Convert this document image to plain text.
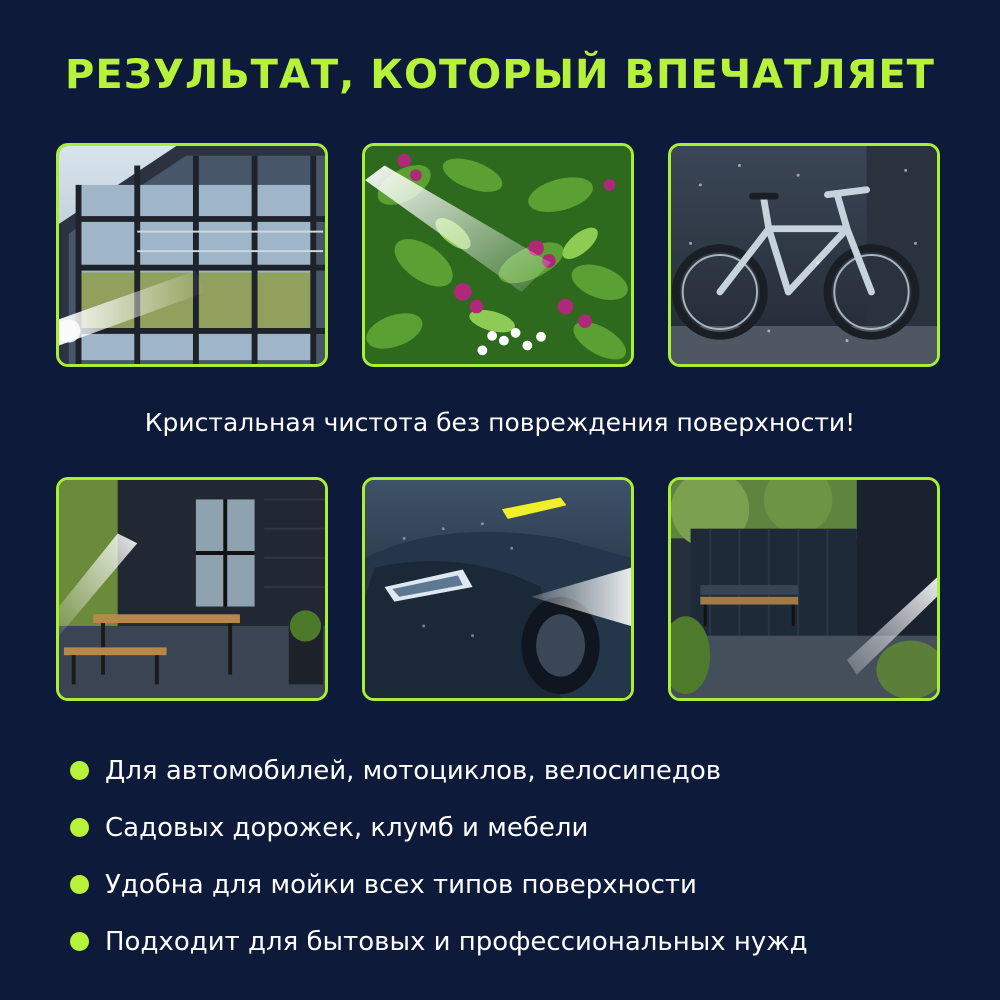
РЕЗУЛЬТАТ, КОТОРЫЙ ВПЕЧАТЛЯЕТ
Кристальная чистота без повреждения поверхности!
Для автомобилей, мотоциклов, велосипедов
Садовых дорожек, клумб и мебели
Удобна для мойки всех типов поверхности
Подходит для бытовых и профессиональных нужд
